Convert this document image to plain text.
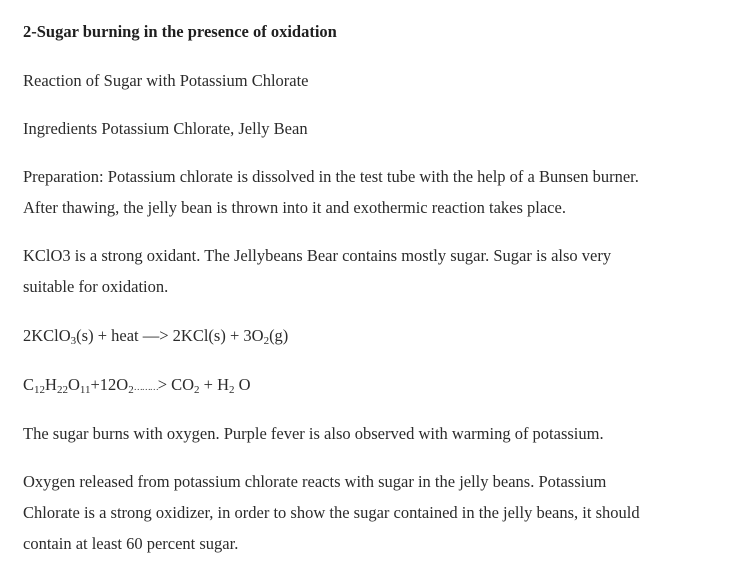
2-Sugar burning in the presence of oxidation

Reaction of Sugar with Potassium Chlorate

Ingredients Potassium Chlorate, Jelly Bean

Preparation: Potassium chlorate is dissolved in the test tube with the help of a Bunsen burner.
After thawing, the jelly bean is thrown into it and exothermic reaction takes place.

KClO3 is a strong oxidant. The Jellybeans Bear contains mostly sugar. Sugar is also very
suitable for oxidation.

2KClO$_3$(s) + heat —> $2KCl(s) + 3O_2(g)$

$C_{12}H_{22}O_{11}+12O_2\dots\dots\dots> CO_2 + H_2$ O

The sugar burns with oxygen. Purple fever is also observed with warming of potassium.

Oxygen released from potassium chlorate reacts with sugar in the jelly beans. Potassium
Chlorate is a strong oxidizer, in order to show the sugar contained in the jelly beans, it should
contain at least 60 percent sugar.
